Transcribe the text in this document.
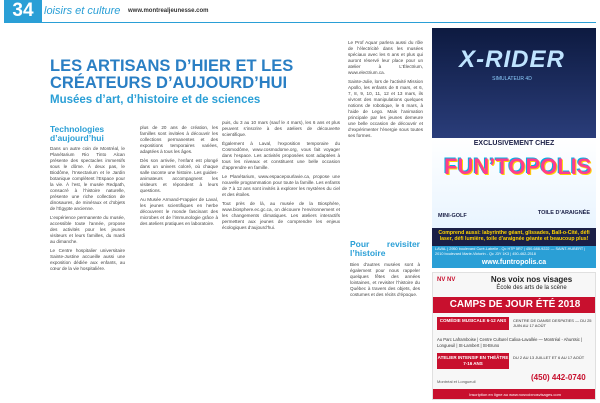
34 loisirs et culture www.montrealjeunesse.com
LES ARTISANS D’HIER ET LES CRÉATEURS D’AUJOURD’HUI
Musées d’art, d’histoire et de sciences
Technologies d’aujourd’hui

Dans un autre coin de Montréal, le Planétarium Rio Tinto Alcan présente des spectacles immersifs sous le dôme. À deux pas, le Biodôme, l’Insectarium et le Jardin botanique complètent l’Espace pour la vie. À l’est, le musée Redpath, consacré à l’histoire naturelle, présente une riche collection de dinosaures, de minéraux et d’objets de l’Égypte ancienne.

L’expérience permanente du musée, accessible toute l’année, propose des activités pour les jeunes visiteurs et leurs familles, du mardi au dimanche.

Le Centre hospitalier universitaire Sainte-Justine accueille aussi une exposition dédiée aux enfants, au cœur de la vie hospitalière.

plus de 20 ans de création, les familles sont invitées à découvrir les collections permanentes et des expositions temporaires variées, adaptées à tous les âges.

Dès son arrivée, l’enfant est plongé dans un univers coloré, où chaque salle raconte une histoire. Les guides-animateurs accompagnent les visiteurs et répondent à leurs questions.

Au Musée Armand-Frappier de Laval, les jeunes scientifiques en herbe découvrent le monde fascinant des microbes et de l’immunologie grâce à des ateliers pratiques en laboratoire.

puis, du 3 au 10 mars (sauf le 4 mars), les 6 ans et plus peuvent s’inscrire à des ateliers de découverte scientifique.

Également à Laval, l’exposition temporaire du Cosmodôme, www.cosmodome.org, vous fait voyager dans l’espace. Les activités proposées sont adaptées à tous les niveaux et constituent une belle occasion d’apprendre en famille.

Le Planétarium, www.espacepourlavie.ca, propose une nouvelle programmation pour toute la famille. Les enfants de 7 à 12 ans sont invités à explorer les mystères du ciel et des étoiles.

Tout près de là, au musée de la Biosphère, www.biosphere.ec.gc.ca, on découvre l’environnement et les changements climatiques. Les ateliers interactifs permettent aux jeunes de comprendre les enjeux écologiques d’aujourd’hui.

Le Prof Aquar parlera aussi du rôle de l’électricité dans les musées spéciaux avec les 6 ans et plus qui auront réservé leur place pour un atelier à L’Électrium, www.electrium.ca.

Sainte-Julie, lors de l’activité Mission Apollo, les enfants de 8 mars, et 6, 7, 8, 9, 10, 11, 12 et 13 mars, ils vivront des manipulations quelques notions de robotique, le 6 mars, à l’aide de Lego. Mais l’animation principale par les jeunes demeure une belle occasion de découvrir et d’expérimenter l’énergie sous toutes ses formes.

Pour revisiter l’histoire

Bien d’autres musées sont à également pour nous rappeler quelques fêtes des années lointaines, et revisiter l’histoire du Québec à travers des objets, des costumes et des récits d’époque.

X-RIDER
SIMULATEUR 4D
EXCLUSIVEMENT CHEZ
FUN’TOPOLIS
MINI-GOLF	TOILE D’ARAIGNÉE
Comprend aussi: labyrinthe géant, glissades, Ball-o-Cité, défi laser, défi lumière, toile d’araignée géante et beaucoup plus!
LAVAL | 2950 boulevard Curé-Labelle - Qc H7P 5R7 | 450-688-9222 — SAINT-HUBERT | 2010 boulevard Marie-Victorin - Qc J3Y 1K3 | 450-462-2518
www.funtropolis.ca
NV NV	Nos voix nos visages
École des arts de la scène
CAMPS DE JOUR ÉTÉ 2018
COMÉDIE MUSICALE 6-12 ANS	CENTRE DE DANSE DESPATIES — DU 25 JUIN AU 17 AOÛT
Au Parc Laframboise | Centre Culturel Calixa-Lavallée — Montréal - Ahuntsic | Longueuil | St-Lambert | St-Bruno
ATELIER INTENSIF EN THÉÂTRE 7-16 ANS
DU 2 AU 13 JUILLET ET 6 AU 17 AOÛT
(450) 442-0740
Montréal et Longueuil
Inscription en ligne au www.nosvoixnosvisages.com
